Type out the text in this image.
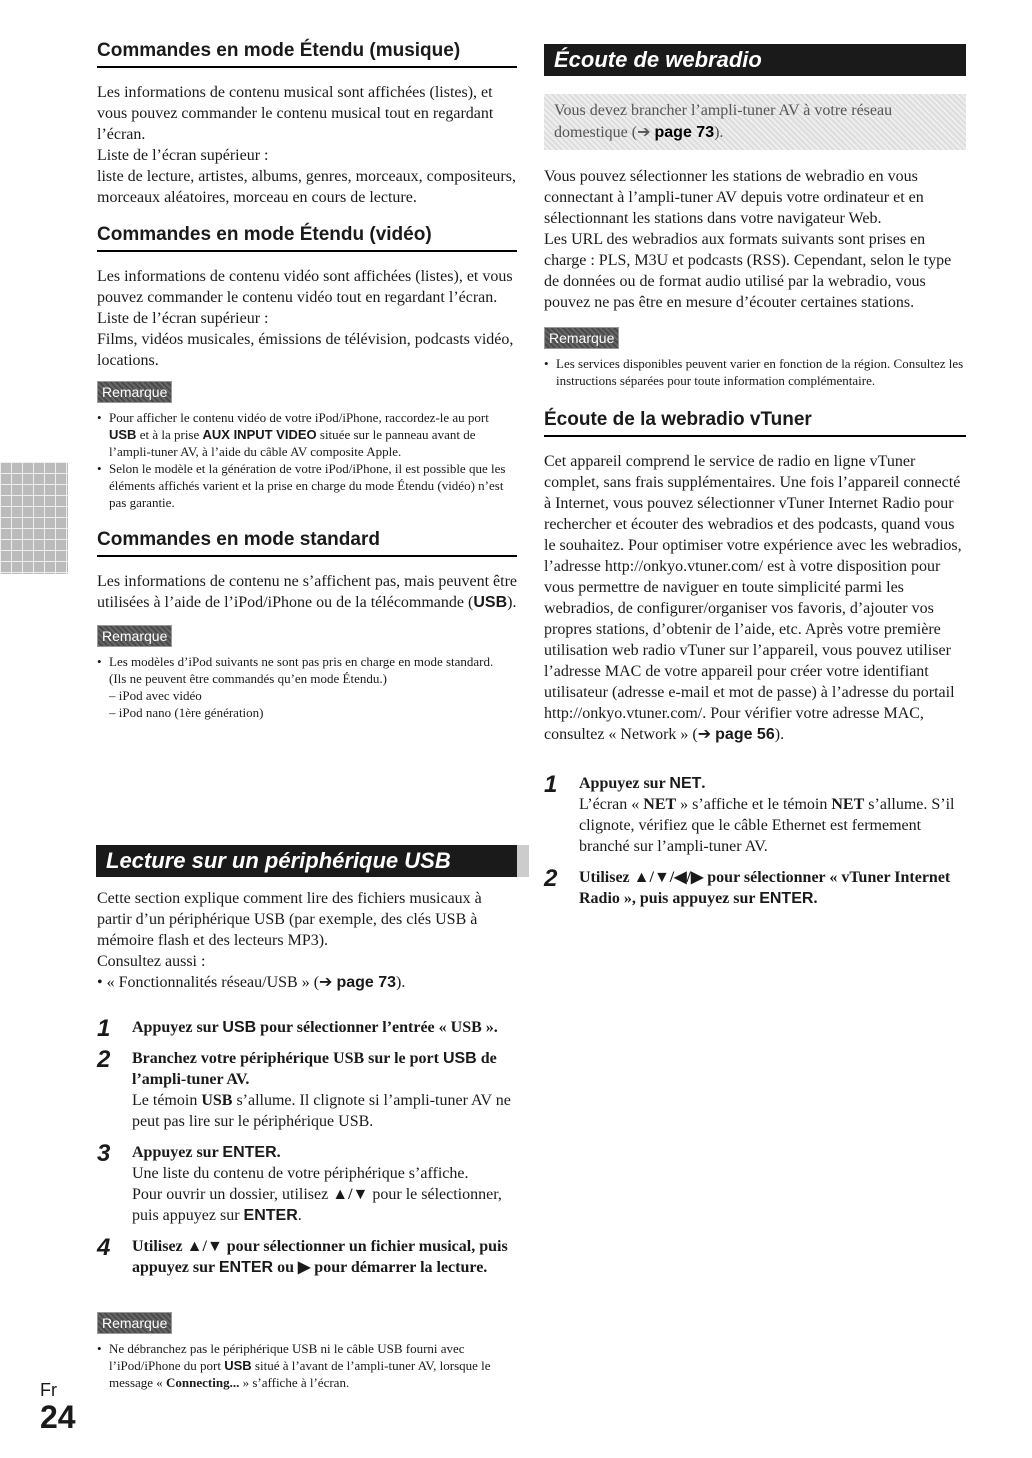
Commandes en mode Étendu (musique)

Les informations de contenu musical sont affichées (listes), et vous pouvez commander le contenu musical tout en regardant l’écran.

Liste de l’écran supérieur :

liste de lecture, artistes, albums, genres, morceaux, compositeurs, morceaux aléatoires, morceau en cours de lecture.

Commandes en mode Étendu (vidéo)

Les informations de contenu vidéo sont affichées (listes), et vous pouvez commander le contenu vidéo tout en regardant l’écran.

Liste de l’écran supérieur :

Films, vidéos musicales, émissions de télévision, podcasts vidéo, locations.

Remarque

• Pour afficher le contenu vidéo de votre iPod/iPhone, raccordez-le au port USB et à la prise AUX INPUT VIDEO située sur le panneau avant de l’ampli-tuner AV, à l’aide du câble AV composite Apple.

• Selon le modèle et la génération de votre iPod/iPhone, il est possible que les éléments affichés varient et la prise en charge du mode Étendu (vidéo) n’est pas garantie.

Commandes en mode standard

Les informations de contenu ne s’affichent pas, mais peuvent être utilisées à l’aide de l’iPod/iPhone ou de la télécommande (USB).

Remarque

• Les modèles d’iPod suivants ne sont pas pris en charge en mode standard.

(Ils ne peuvent être commandés qu’en mode Étendu.)

– iPod avec vidéo

– iPod nano (1ère génération)

Lecture sur un périphérique USB

Cette section explique comment lire des fichiers musicaux à partir d’un périphérique USB (par exemple, des clés USB à mémoire flash et des lecteurs MP3).

Consultez aussi :

• « Fonctionnalités réseau/USB » (➔ page 73).

1 Appuyez sur USB pour sélectionner l’entrée « USB ».
2 Branchez votre périphérique USB sur le port USB de l’ampli-tuner AV.

Le témoin USB s’allume. Il clignote si l’ampli-tuner AV ne peut pas lire sur le périphérique USB.

3 Appuyez sur ENTER.

Une liste du contenu de votre périphérique s’affiche.

Pour ouvrir un dossier, utilisez ▲/▼ pour le sélectionner, puis appuyez sur ENTER.

4 Utilisez ▲/▼ pour sélectionner un fichier musical, puis appuyez sur ENTER ou ▶ pour démarrer la lecture.
Remarque

• Ne débranchez pas le périphérique USB ni le câble USB fourni avec l’iPod/iPhone du port USB situé à l’avant de l’ampli-tuner AV, lorsque le message « Connecting... » s’affiche à l’écran.

Écoute de webradio
Vous devez brancher l’ampli-tuner AV à votre réseau domestique (➔ page 73).

Vous pouvez sélectionner les stations de webradio en vous connectant à l’ampli-tuner AV depuis votre ordinateur et en sélectionnant les stations dans votre navigateur Web.

Les URL des webradios aux formats suivants sont prises en charge : PLS, M3U et podcasts (RSS). Cependant, selon le type de données ou de format audio utilisé par la webradio, vous pouvez ne pas être en mesure d’écouter certaines stations.

Remarque

• Les services disponibles peuvent varier en fonction de la région. Consultez les instructions séparées pour toute information complémentaire.

Écoute de la webradio vTuner

Cet appareil comprend le service de radio en ligne vTuner complet, sans frais supplémentaires. Une fois l’appareil connecté à Internet, vous pouvez sélectionner vTuner Internet Radio pour rechercher et écouter des webradios et des podcasts, quand vous le souhaitez. Pour optimiser votre expérience avec les webradios, l’adresse http://onkyo.vtuner.com/ est à votre disposition pour vous permettre de naviguer en toute simplicité parmi les webradios, de configurer/organiser vos favoris, d’ajouter vos propres stations, d’obtenir de l’aide, etc. Après votre première utilisation web radio vTuner sur l’appareil, vous pouvez utiliser l’adresse MAC de votre appareil pour créer votre identifiant utilisateur (adresse e-mail et mot de passe) à l’adresse du portail http://onkyo.vtuner.com/. Pour vérifier votre adresse MAC, consultez « Network » (➔ page 56).

1 Appuyez sur NET.

L’écran « NET » s’affiche et le témoin NET s’allume. S’il clignote, vérifiez que le câble Ethernet est fermement branché sur l’ampli-tuner AV.

2 Utilisez ▲/▼/◀/▶ pour sélectionner « vTuner Internet Radio », puis appuyez sur ENTER.
Fr
24
